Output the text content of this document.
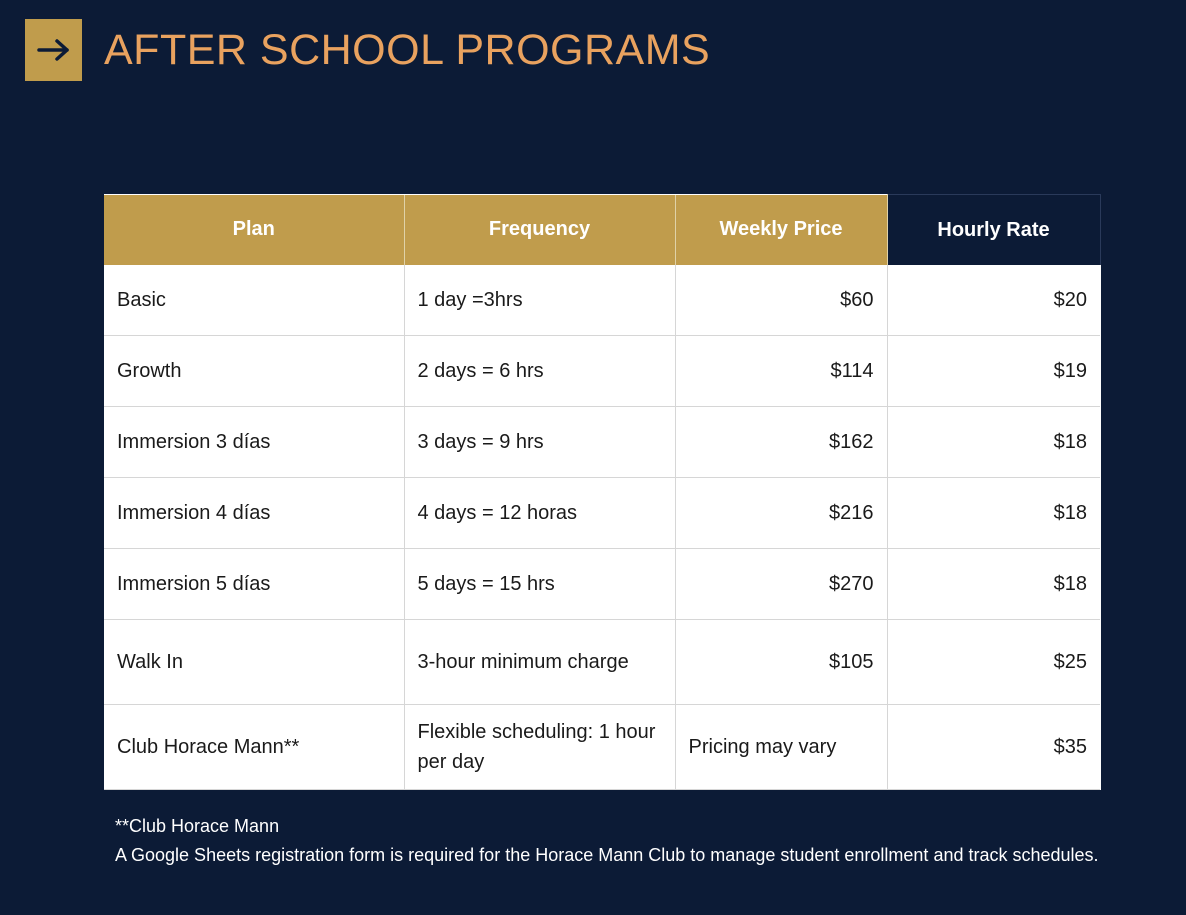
AFTER SCHOOL PROGRAMS
Plan	Frequency	Weekly Price	Hourly Rate
Basic	1 day =3hrs	$60	$20
Growth	2 days = 6 hrs	$114	$19
Immersion 3 días	3 days = 9 hrs	$162	$18
Immersion 4 días	4 days = 12 horas	$216	$18
Immersion 5 días	5 days = 15 hrs	$270	$18
Walk In	3-hour minimum charge	$105	$25
Club Horace Mann**	Flexible scheduling: 1 hour per day	Pricing may vary	$35
**Club Horace Mann
A Google Sheets registration form is required for the Horace Mann Club to manage student enrollment and track schedules.
